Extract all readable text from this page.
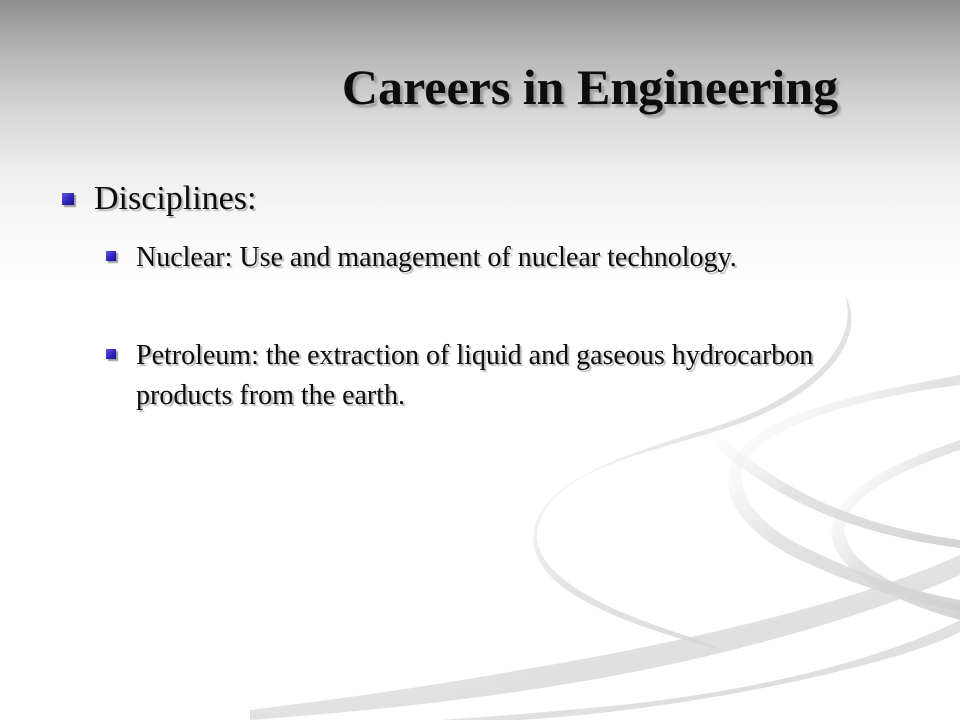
Careers in Engineering
Disciplines:
Nuclear: Use and management of nuclear technology.
Petroleum: the extraction of liquid and gaseous hydrocarbon products from the earth.
